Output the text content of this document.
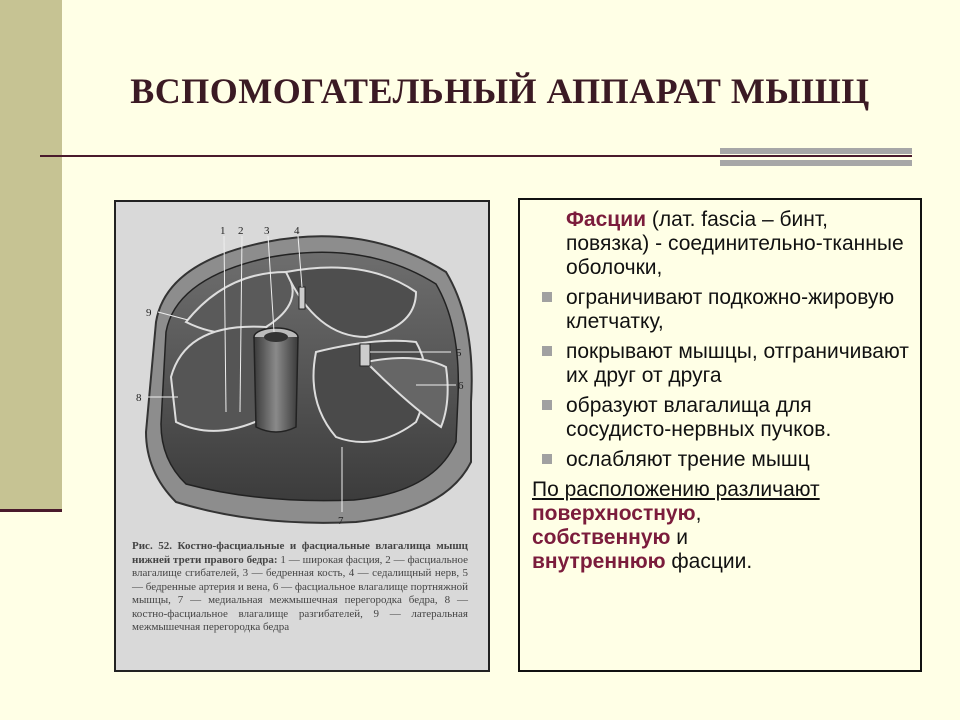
ВСПОМОГАТЕЛЬНЫЙ АППАРАТ МЫШЦ
1 2 3 4
5
6
7
8
9
Рис. 52. Костно-фасциальные и фасциальные влагалища мышц нижней трети правого бедра: 1 — широкая фасция, 2 — фасциальное влагалище сгибателей, 3 — бедренная кость, 4 — седалищный нерв, 5 — бедренные артерия и вена, 6 — фасциальное влагалище портняжной мышцы, 7 — медиальная межмышечная перегородка бедра, 8 — костно-фасциальное влагалище разгибателей, 9 — латеральная межмышечная перегородка бедра

Фасции (лат. fascia – бинт, повязка) - соединительно-тканные оболочки,

ограничивают подкожно-жировую клетчатку,
покрывают мышцы, отграничивают их друг от друга
образуют влагалища для сосудисто-нервных пучков.
ослабляют трение мышц

По расположению различают
поверхностную,
собственную и
внутреннюю фасции.
